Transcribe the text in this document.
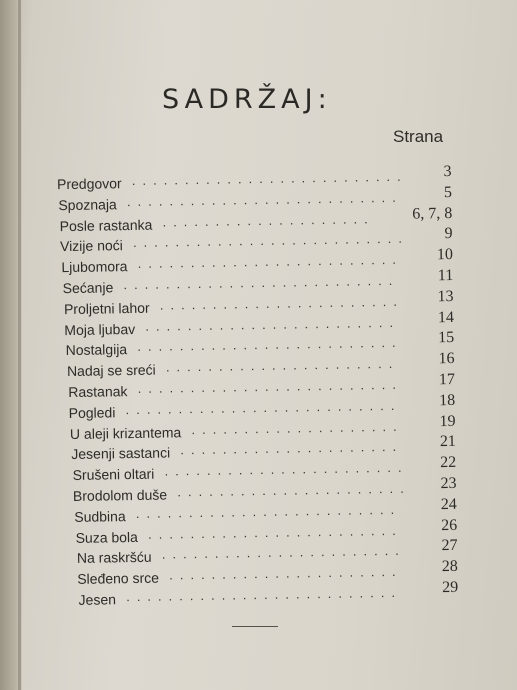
SADRŽAJ:
Strana
Predgovor .......................... 3
Spoznaja ..........................	5
Posle rastanka .................... 6, 7, 8
Vizije noći .......................... 9
Ljubomora ......................... 10
Sećanje .......................... 11
Proljetni lahor ....................... 13
Moja ljubav ........................ 14
Nostalgija ......................... 15
Nadaj se sreći ...................... 16
Rastanak ......................... 17
Pogledi .......................... 18
U aleji krizantema .................... 19
Jesenji sastanci ..................... 21
Srušeni oltari ....................... 22
Brodolom duše ...................... 23
Sudbina ......................... 24
Suza bola ........................ 26
Na raskršću ....................... 27
Sleđeno srce ...................... 28
Jesen .......................... 29
